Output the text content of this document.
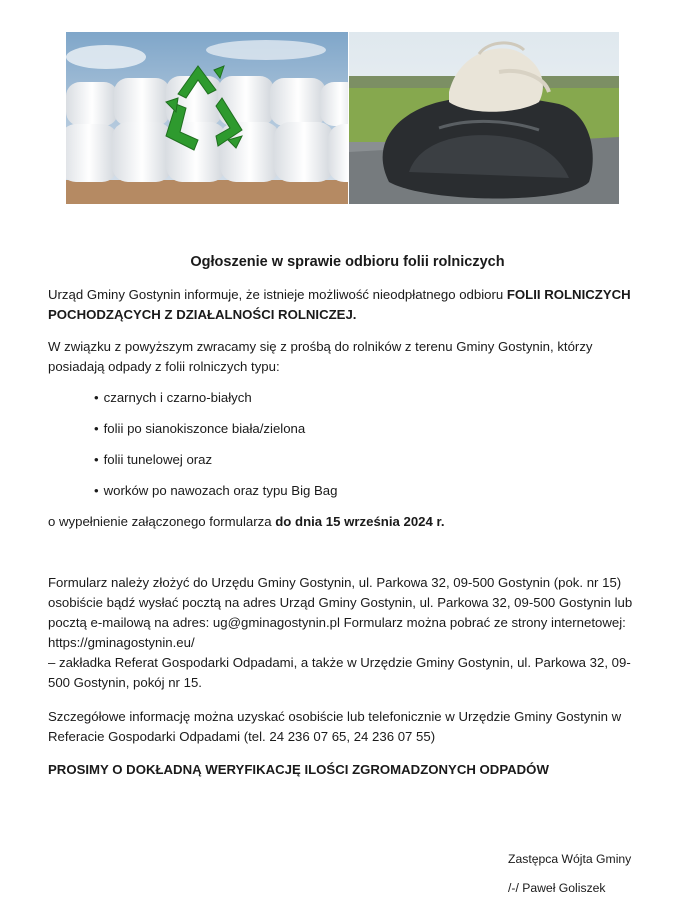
Ogłoszenie w sprawie odbioru folii rolniczych

Urząd Gminy Gostynin informuje, że istnieje możliwość nieodpłatnego odbioru FOLII ROLNICZYCH POCHODZĄCYCH Z DZIAŁALNOŚCI ROLNICZEJ.

W związku z powyższym zwracamy się z prośbą do rolników z terenu Gminy Gostynin, którzy posiadają odpady z folii rolniczych typu:

• czarnych i czarno-białych
• folii po sianokiszonce biała/zielona
• folii tunelowej oraz
• worków po nawozach oraz typu Big Bag

o wypełnienie załączonego formularza do dnia 15 września 2024 r.

Formularz należy złożyć do Urzędu Gminy Gostynin, ul. Parkowa 32, 09-500 Gostynin (pok. nr 15) osobiście bądź wysłać pocztą na adres Urząd Gminy Gostynin, ul. Parkowa 32, 09-500 Gostynin lub pocztą e-mailową na adres: ug@gminagostynin.pl Formularz można pobrać ze strony internetowej: https://gminagostynin.eu/
– zakładka Referat Gospodarki Odpadami, a także w Urzędzie Gminy Gostynin, ul. Parkowa 32, 09-500 Gostynin, pokój nr 15.

Szczegółowe informację można uzyskać osobiście lub telefonicznie w Urzędzie Gminy Gostynin w Referacie Gospodarki Odpadami (tel. 24 236 07 65, 24 236 07 55)

PROSIMY O DOKŁADNĄ WERYFIKACJĘ ILOŚCI ZGROMADZONYCH ODPADÓW

Zastępca Wójta Gminy
/-/ Paweł Goliszek
